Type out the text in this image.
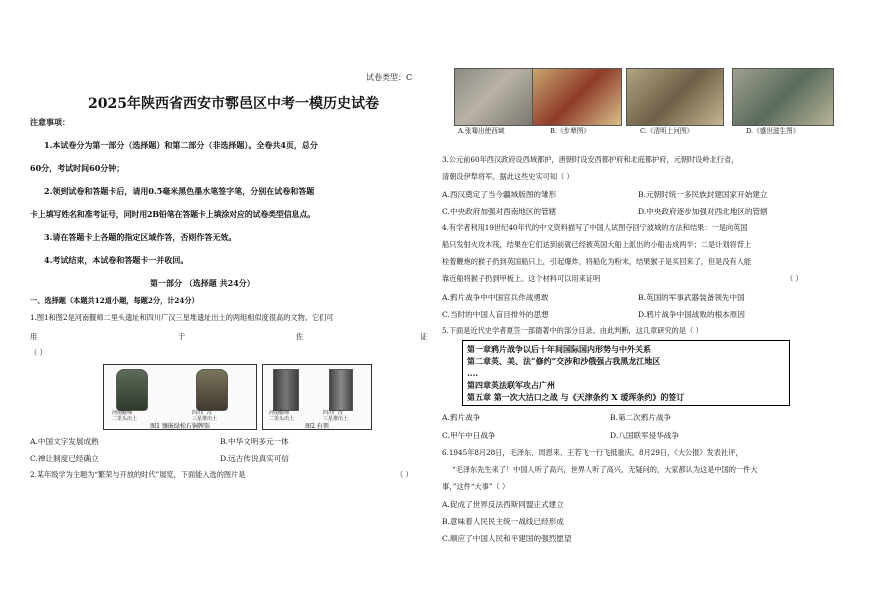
试卷类型：C
2025年陕西省西安市鄠邑区中考一模历史试卷
注意事项：
1.本试卷分为第一部分（选择题）和第二部分（非选择题）。全卷共4页，总分
60分，考试时间60分钟；
2.领到试卷和答题卡后，请用0.5毫米黑色墨水笔签字笔，分别在试卷和答题
卡上填写姓名和准考证号，同时用2B铅笔在答题卡上填涂对应的试卷类型信息点。
3.请在答题卡上各题的指定区域作答，否则作答无效。
4.考试结束，本试卷和答题卡一并收回。
第一部分 （选择题 共24分）
一、选择题（本题共12道小题，每题2分，计24分）
1.图1和图2是河南偃师二里头遗址和四川广汉三星堆遗址出土的两组相似度很高的文物。它们可
用	于	佐	证
（ ）
河南偃师
二里头出土
四川广汉
三星堆出土
图1 镶嵌绿松石铜牌饰
河南偃师
二里头出土
四川广汉
三星堆出土
图2 有领
A.中国文字发展成熟	B.中华文明多元一体
C.禅让制度已经确立	D.远古传说真实可信
2.某年级学为主题为“繁荣与开放的时代”展览，下面能入选的图片是	（ ）
A.张骞出使西域	B.《步辇图》	C.《清明上河图》	D.《盛世滋生图》
3.公元前60年西汉政府设西域都护，唐朝时设安西都护府和北庭都护府，元朝时设岭北行省，
清朝设伊犁将军。据此这些史实可知（ ）
A.西汉奠定了当今疆域版图的雏形	B.元朝时统一多民族封建国家开始建立
C.中央政府加强对西南地区的管辖	D.中央政府逐步加强对西北地区的管辖
4.有学者利用19世纪40年代的中文资料描写了中国人试图夺回宁波城的方法和结果：一是向英国
船只发射火攻木筏，结果在它们达到前就已经被英国大船上派出的小船击成两半；二是计划将背上
栓着鞭炮的猴子扔到英国船只上，引起爆炸，将船化为粉末，结果猴子是买回来了，但是没有人能
靠近船将猴子扔到甲板上。这个材料可以用来证明	（ ）
A.鸦片战争中中国官兵作战勇敢	B.英国的军事武器装备领先中国
C.当时的中国人盲目排外的思想	D.鸦片战争中国战败的根本原因
5.下面是近代史学者夏笠一部德著中的部分目录。由此判断，这几章研究的是（ ）
第一章鸦片战争以后十年间国际国内形势与中外关系
第二章英、美、法“修约”交涉和沙俄强占我黑龙江地区
....
第四章英法联军攻占广州
第五章 第一次大沽口之战 与《天津条约 X 瑷珲条约》的签订
A.鸦片战争	B.第二次鸦片战争
C.甲午中日战争	D.八国联军侵华战争
6.1945年8月28日，毛泽东、周恩来、王若飞一行飞抵重庆。8月29日，《大公报》发表社评，
“毛泽东先生来了！中国人听了高兴，世界人听了高兴，无疑问的，大家都认为这是中国的一件大
事，”这件“大事”（ ）
A.促成了世界反法西斯同盟正式建立
B.意味着人民民主统一战线已经形成
C.顺应了中国人民和平建国的强烈愿望
